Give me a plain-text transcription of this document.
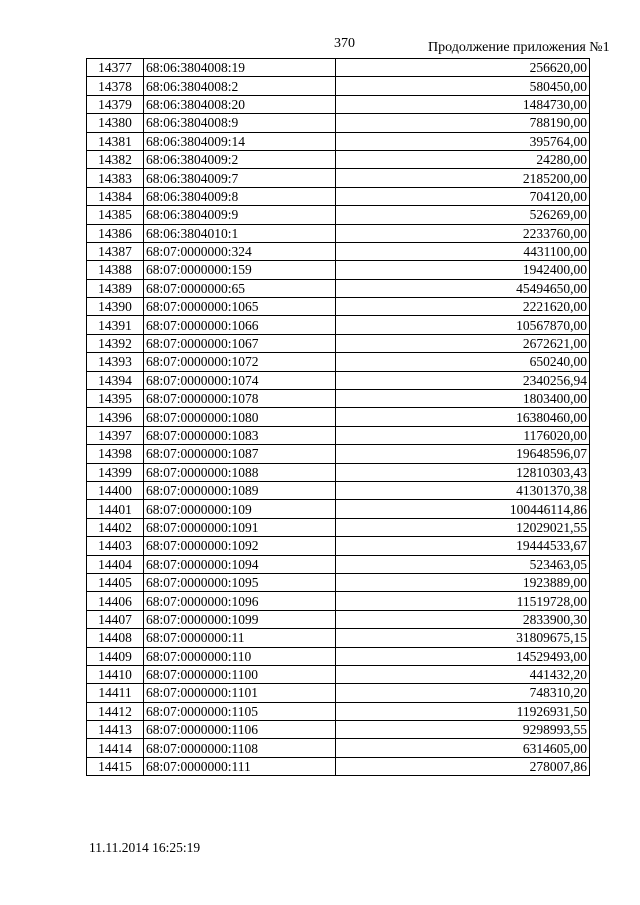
370	Продолжение приложения №1
14377	68:06:3804008:19	256620,00
14378	68:06:3804008:2	580450,00
14379	68:06:3804008:20	1484730,00
14380	68:06:3804008:9	788190,00
14381	68:06:3804009:14	395764,00
14382	68:06:3804009:2	24280,00
14383	68:06:3804009:7	2185200,00
14384	68:06:3804009:8	704120,00
14385	68:06:3804009:9	526269,00
14386	68:06:3804010:1	2233760,00
14387	68:07:0000000:324	4431100,00
14388	68:07:0000000:159	1942400,00
14389	68:07:0000000:65	45494650,00
14390	68:07:0000000:1065	2221620,00
14391	68:07:0000000:1066	10567870,00
14392	68:07:0000000:1067	2672621,00
14393	68:07:0000000:1072	650240,00
14394	68:07:0000000:1074	2340256,94
14395	68:07:0000000:1078	1803400,00
14396	68:07:0000000:1080	16380460,00
14397	68:07:0000000:1083	1176020,00
14398	68:07:0000000:1087	19648596,07
14399	68:07:0000000:1088	12810303,43
14400	68:07:0000000:1089	41301370,38
14401	68:07:0000000:109	100446114,86
14402	68:07:0000000:1091	12029021,55
14403	68:07:0000000:1092	19444533,67
14404	68:07:0000000:1094	523463,05
14405	68:07:0000000:1095	1923889,00
14406	68:07:0000000:1096	11519728,00
14407	68:07:0000000:1099	2833900,30
14408	68:07:0000000:11	31809675,15
14409	68:07:0000000:110	14529493,00
14410	68:07:0000000:1100	441432,20
14411	68:07:0000000:1101	748310,20
14412	68:07:0000000:1105	11926931,50
14413	68:07:0000000:1106	9298993,55
14414	68:07:0000000:1108	6314605,00
14415	68:07:0000000:111	278007,86
11.11.2014 16:25:19
